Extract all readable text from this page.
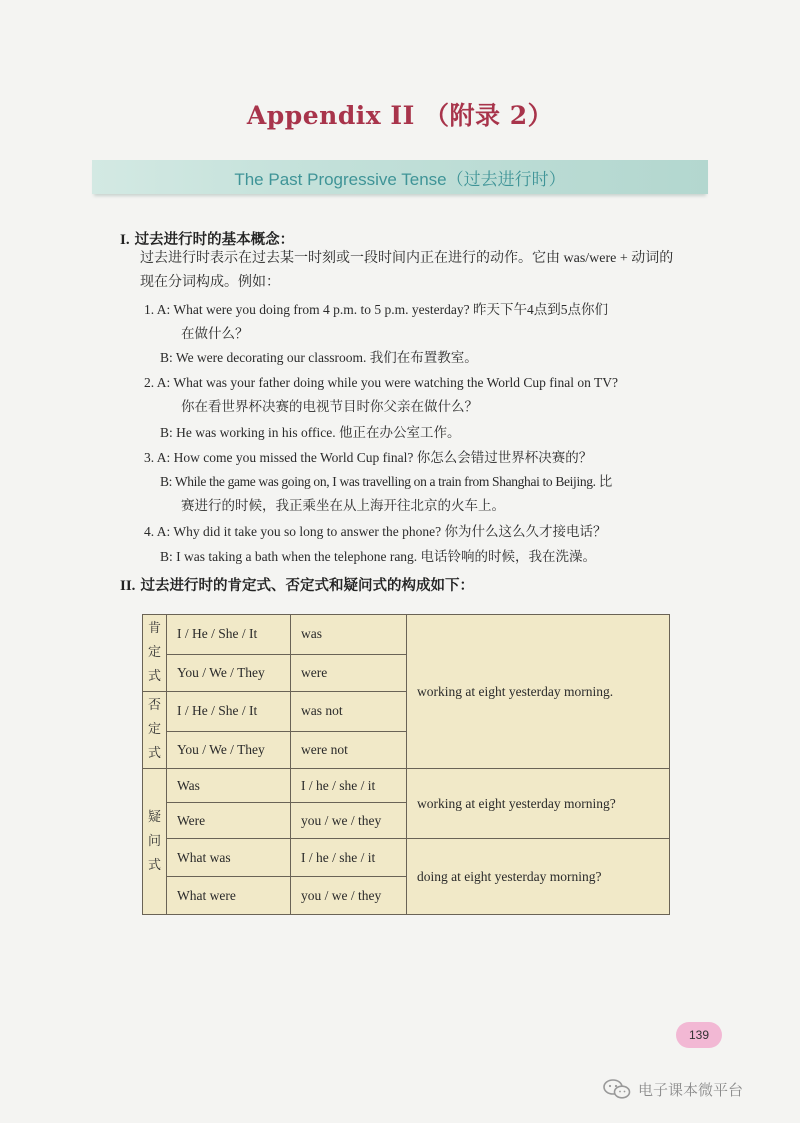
Appendix II （附录 2）
The Past Progressive Tense（过去进行时）
I. 过去进行时的基本概念：
过去进行时表示在过去某一时刻或一段时间内正在进行的动作。它由 was/were + 动词的现在分词构成。例如：
1. A: What were you doing from 4 p.m. to 5 p.m. yesterday? 昨天下午4点到5点你们
在做什么？
B: We were decorating our classroom. 我们在布置教室。
2. A: What was your father doing while you were watching the World Cup final on TV?
你在看世界杯决赛的电视节目时你父亲在做什么？
B: He was working in his office. 他正在办公室工作。
3. A: How come you missed the World Cup final? 你怎么会错过世界杯决赛的？
B: While the game was going on, I was travelling on a train from Shanghai to Beijing. 比
赛进行的时候，我正乘坐在从上海开往北京的火车上。
4. A: Why did it take you so long to answer the phone? 你为什么这么久才接电话？
B: I was taking a bath when the telephone rang. 电话铃响的时候，我在洗澡。
II. 过去进行时的肯定式、否定式和疑问式的构成如下：
肯
定
式	I / He / She / It	was	working at eight yesterday morning.
	You / We / They	were	

否
定
式	I / He / She / It	was not	
	You / We / They	were not	

疑
问
式	Was	I / he / she / it	working at eight yesterday morning?
	Were	you / we / they	
	What was	I / he / she / it	doing at eight yesterday morning?
	What were	you / we / they	
139
电子课本微平台
